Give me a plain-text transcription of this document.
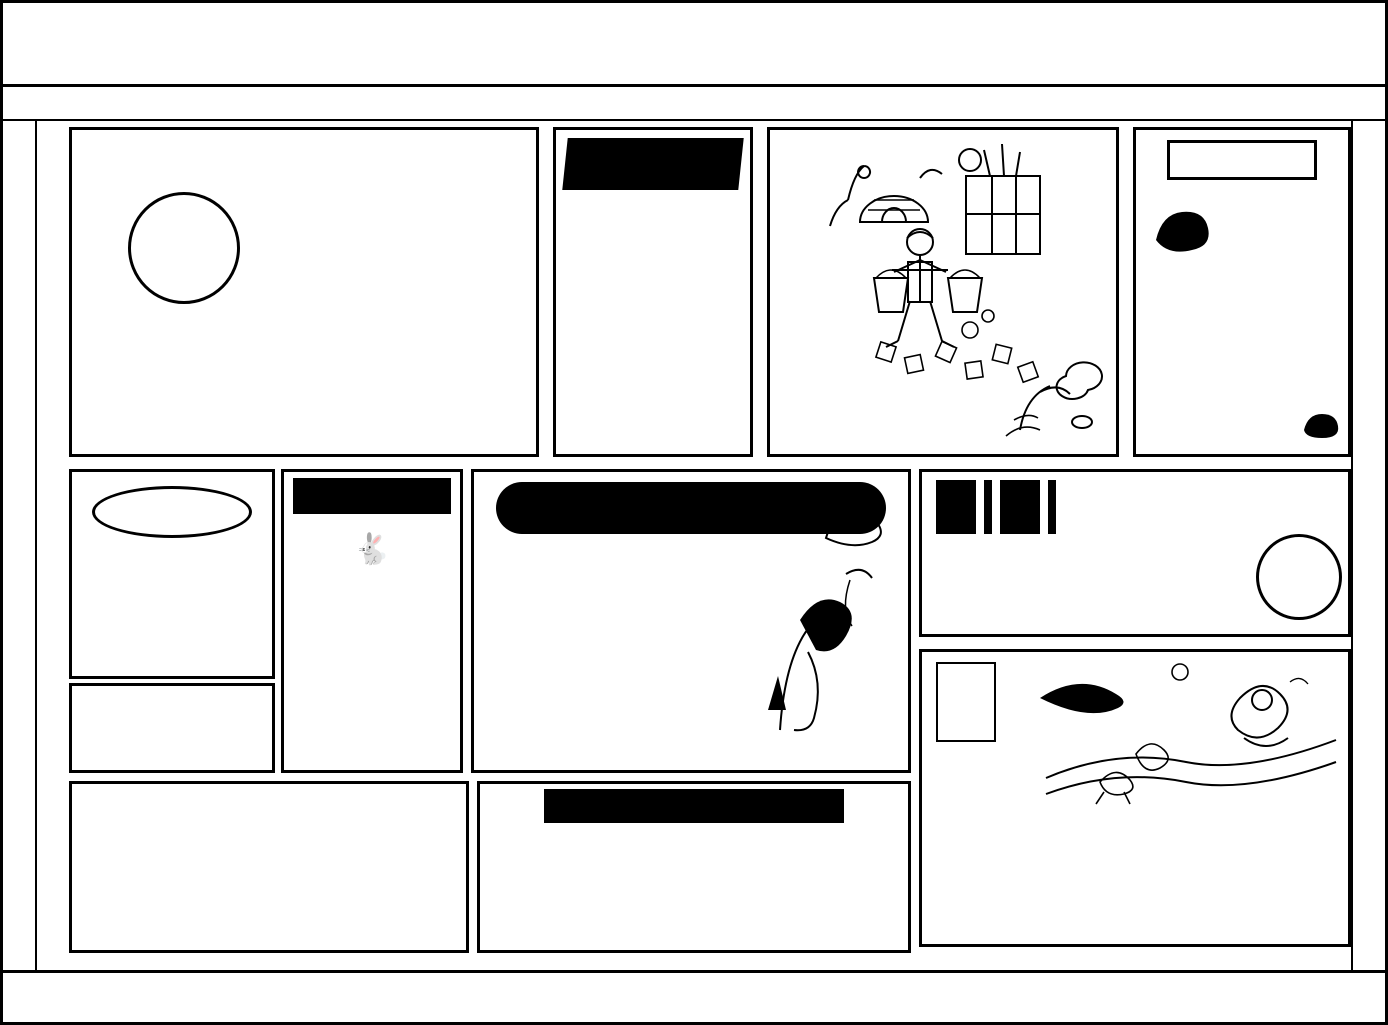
🐇
